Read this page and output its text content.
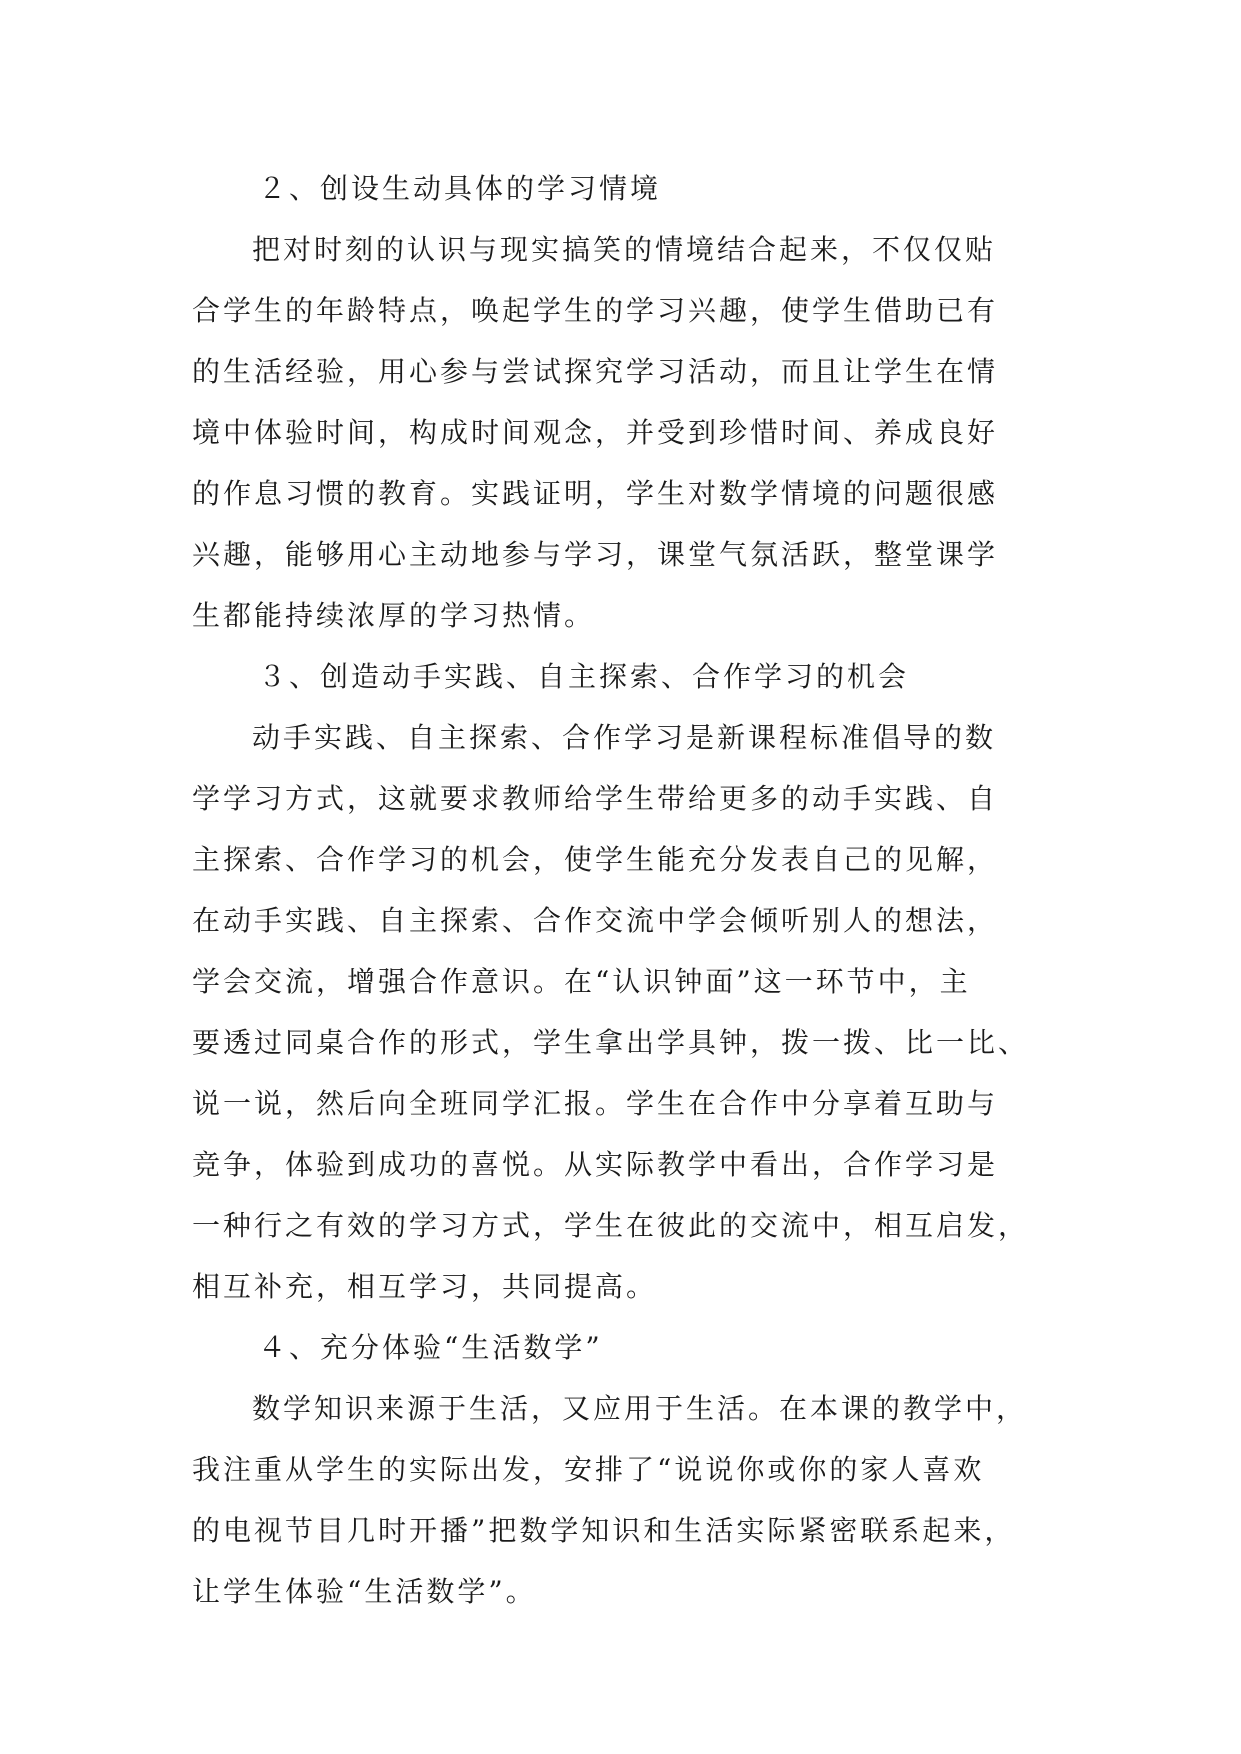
２、创设生动具体的学习情境
把对时刻的认识与现实搞笑的情境结合起来，不仅仅贴
合学生的年龄特点，唤起学生的学习兴趣，使学生借助已有
的生活经验，用心参与尝试探究学习活动，而且让学生在情
境中体验时间，构成时间观念，并受到珍惜时间、养成良好
的作息习惯的教育。实践证明，学生对数学情境的问题很感
兴趣，能够用心主动地参与学习，课堂气氛活跃，整堂课学
生都能持续浓厚的学习热情。
３、创造动手实践、自主探索、合作学习的机会
动手实践、自主探索、合作学习是新课程标准倡导的数
学学习方式，这就要求教师给学生带给更多的动手实践、自
主探索、合作学习的机会，使学生能充分发表自己的见解，
在动手实践、自主探索、合作交流中学会倾听别人的想法，
学会交流，增强合作意识。在“认识钟面”这一环节中，主
要透过同桌合作的形式，学生拿出学具钟，拨一拨、比一比、
说一说，然后向全班同学汇报。学生在合作中分享着互助与
竞争，体验到成功的喜悦。从实际教学中看出，合作学习是
一种行之有效的学习方式，学生在彼此的交流中，相互启发，
相互补充，相互学习，共同提高。
４、充分体验“生活数学”
数学知识来源于生活，又应用于生活。在本课的教学中，
我注重从学生的实际出发，安排了“说说你或你的家人喜欢
的电视节目几时开播”把数学知识和生活实际紧密联系起来，
让学生体验“生活数学”。
